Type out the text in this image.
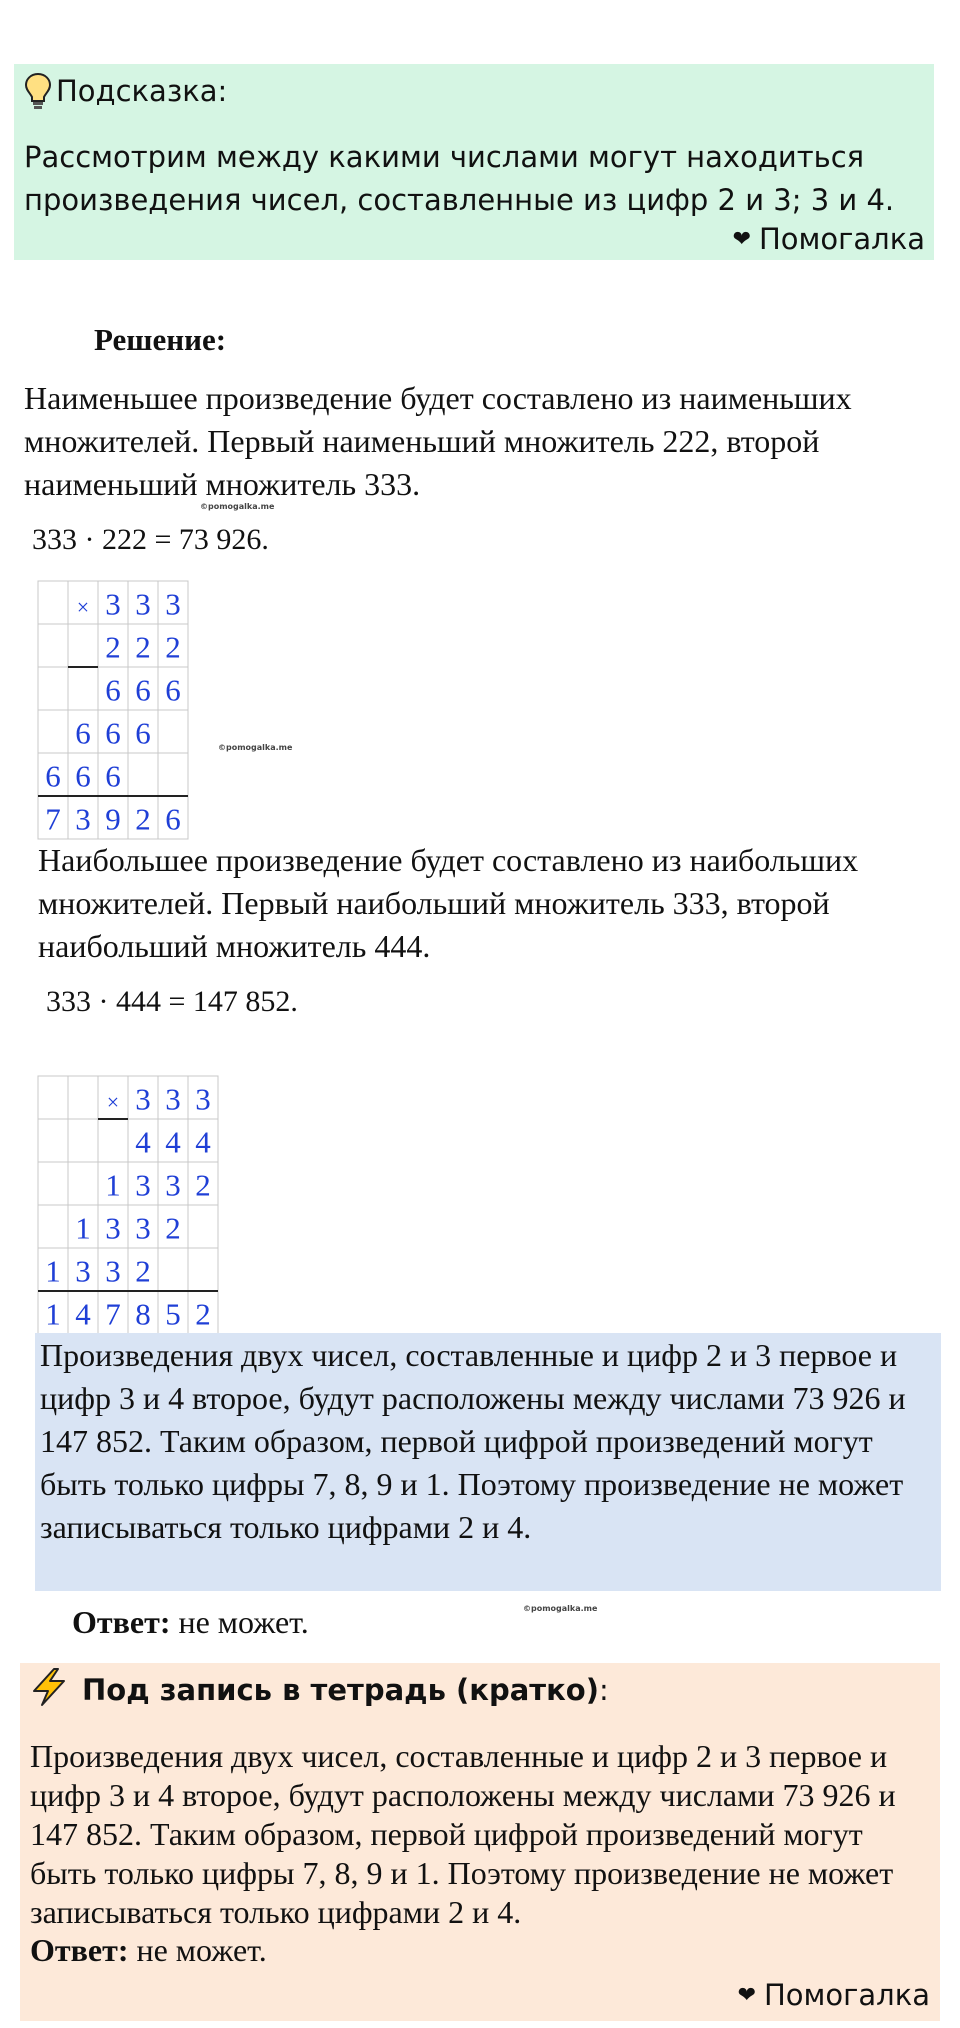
Подсказка:
Рассмотрим между какими числами могут находиться произведения чисел, составленные из цифр 2 и 3; 3 и 4.
❤ Помогалка
Решение:
Наименьшее произведение будет составлено из наименьших множителей. Первый наименьший множитель 222, второй наименьший множитель 333.
©pomogalka.me
333 · 222 = 73 926.
× 3 3 3
2 2 2
6 6 6
6 6 6
6 6 6
7 3 9 2 6
©pomogalka.me
Наибольшее произведение будет составлено из наибольших множителей. Первый наибольший множитель 333, второй наибольший множитель 444.
333 · 444 = 147 852.
× 3 3 3
4 4 4
1 3 3 2
1 3 3 2
1 3 3 2
1 4 7 8 5 2
Произведения двух чисел, составленные и цифр 2 и 3 первое и цифр 3 и 4 второе, будут расположены между числами 73 926 и 147 852. Таким образом, первой цифрой произведений могут быть только цифры 7, 8, 9 и 1. Поэтому произведение не может записываться только цифрами 2 и 4.
Ответ: не может.	©pomogalka.me
Под запись в тетрадь (кратко):
Произведения двух чисел, составленные и цифр 2 и 3 первое и цифр 3 и 4 второе, будут расположены между числами 73 926 и 147 852. Таким образом, первой цифрой произведений могут быть только цифры 7, 8, 9 и 1. Поэтому произведение не может записываться только цифрами 2 и 4.
Ответ: не может.
❤ Помогалка
